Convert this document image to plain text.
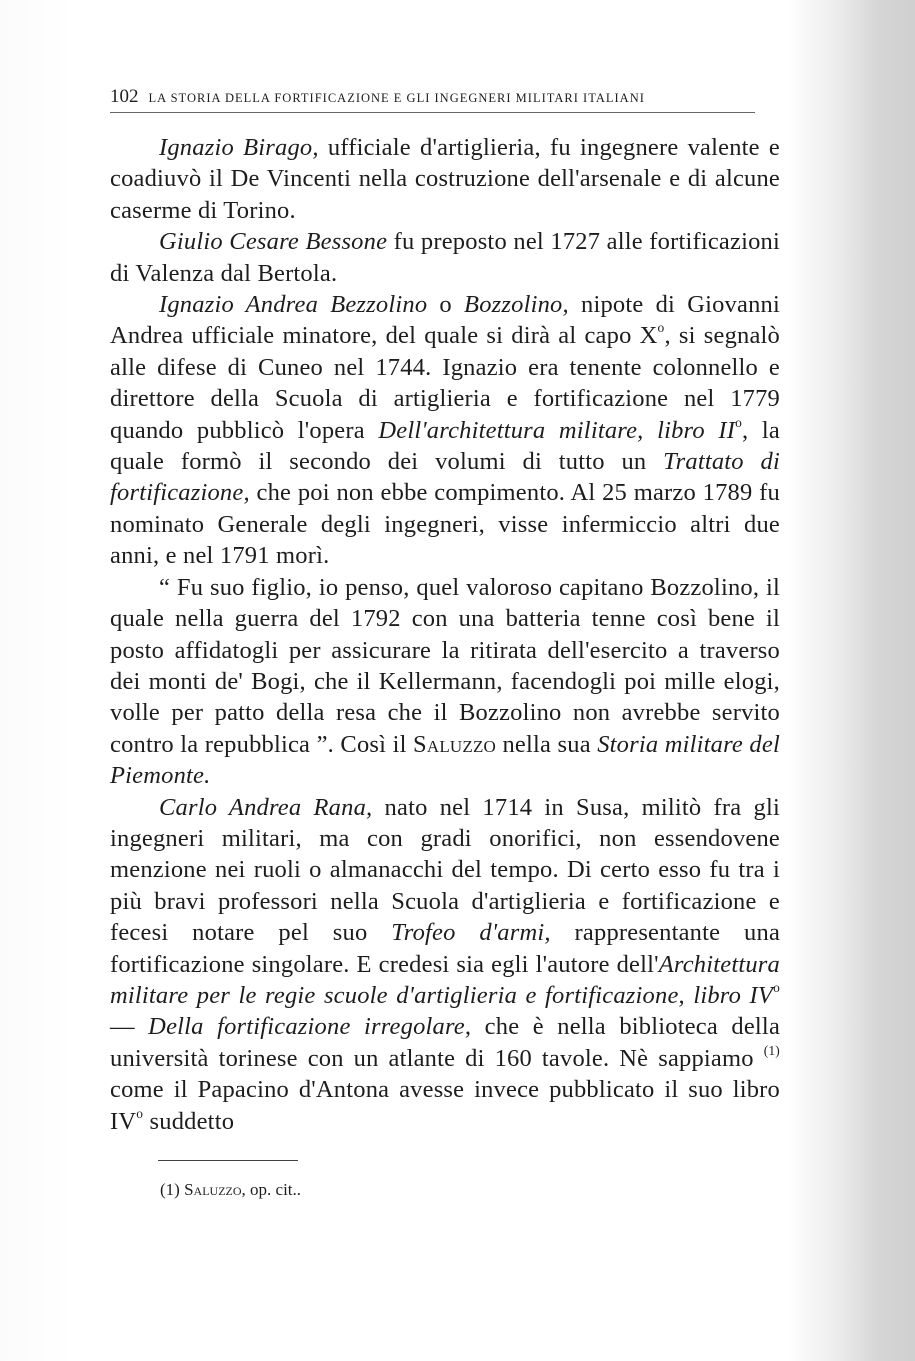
102 LA STORIA DELLA FORTIFICAZIONE E GLI INGEGNERI MILITARI ITALIANI

Ignazio Birago, ufficiale d'artiglieria, fu ingegnere valente e coadiuvò il De Vincenti nella costruzione dell'arsenale e di alcune caserme di Torino.

Giulio Cesare Bessone fu preposto nel 1727 alle fortificazioni di Valenza dal Bertola.

Ignazio Andrea Bezzolino o Bozzolino, nipote di Giovanni Andrea ufficiale minatore, del quale si dirà al capo $X^o$, si segnalò alle difese di Cuneo nel 1744. Ignazio era tenente colonnello e direttore della Scuola di artiglieria e fortificazione nel 1779 quando pubblicò l'opera Dell'architettura militare, libro $II^o$, la quale formò il secondo dei volumi di tutto un Trattato di fortificazione, che poi non ebbe compimento. Al 25 marzo 1789 fu nominato Generale degli ingegneri, visse infermiccio altri due anni, e nel 1791 morì.

“ Fu suo figlio, io penso, quel valoroso capitano Bozzolino, il quale nella guerra del 1792 con una batteria tenne così bene il posto affidatogli per assicurare la ritirata dell'esercito a traverso dei monti de' Bogi, che il Kellermann, facendogli poi mille elogi, volle per patto della resa che il Bozzolino non avrebbe servito contro la repubblica ”. Così il Saluzzo nella sua Storia militare del Piemonte.

Carlo Andrea Rana, nato nel 1714 in Susa, militò fra gli ingegneri militari, ma con gradi onorifici, non essendovene menzione nei ruoli o almanacchi del tempo. Di certo esso fu tra i più bravi professori nella Scuola d'artiglieria e fortificazione e fecesi notare pel suo Trofeo d'armi, rappresentante una fortificazione singolare. E credesi sia egli l'autore dell'Architettura militare per le regie scuole d'artiglieria e fortificazione, libro $IV^o$ — Della fortificazione irregolare, che è nella biblioteca della università torinese con un atlante di 160 tavole. Nè sappiamo $^{(1)}$ come il Papacino d'Antona avesse invece pubblicato il suo libro $IV^o$ suddetto

(1) Saluzzo, op. cit..
